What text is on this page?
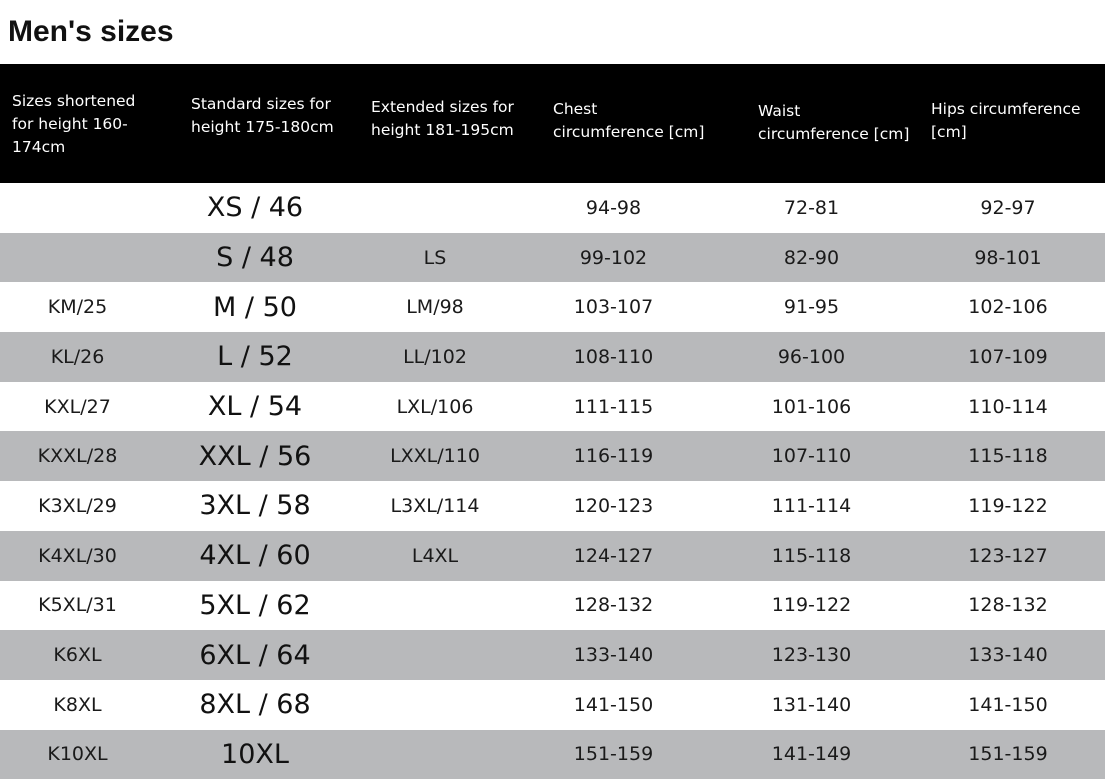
Men's sizes
Sizes shortened for height 160-174cm	Standard sizes for height 175-180cm	Extended sizes for height 181-195cm	Chest circumference [cm]	Waist circumference [cm]	Hips circumference [cm]

	XS / 46		94-98	72-81	92-97
	S / 48	LS	99-102	82-90	98-101
KM/25	M / 50	LM/98	103-107	91-95	102-106
KL/26	L / 52	LL/102	108-110	96-100	107-109
KXL/27	XL / 54	LXL/106	111-115	101-106	110-114
KXXL/28	XXL / 56	LXXL/110	116-119	107-110	115-118
K3XL/29	3XL / 58	L3XL/114	120-123	111-114	119-122
K4XL/30	4XL / 60	L4XL	124-127	115-118	123-127
K5XL/31	5XL / 62		128-132	119-122	128-132
K6XL	6XL / 64		133-140	123-130	133-140
K8XL	8XL / 68		141-150	131-140	141-150
K10XL	10XL		151-159	141-149	151-159
